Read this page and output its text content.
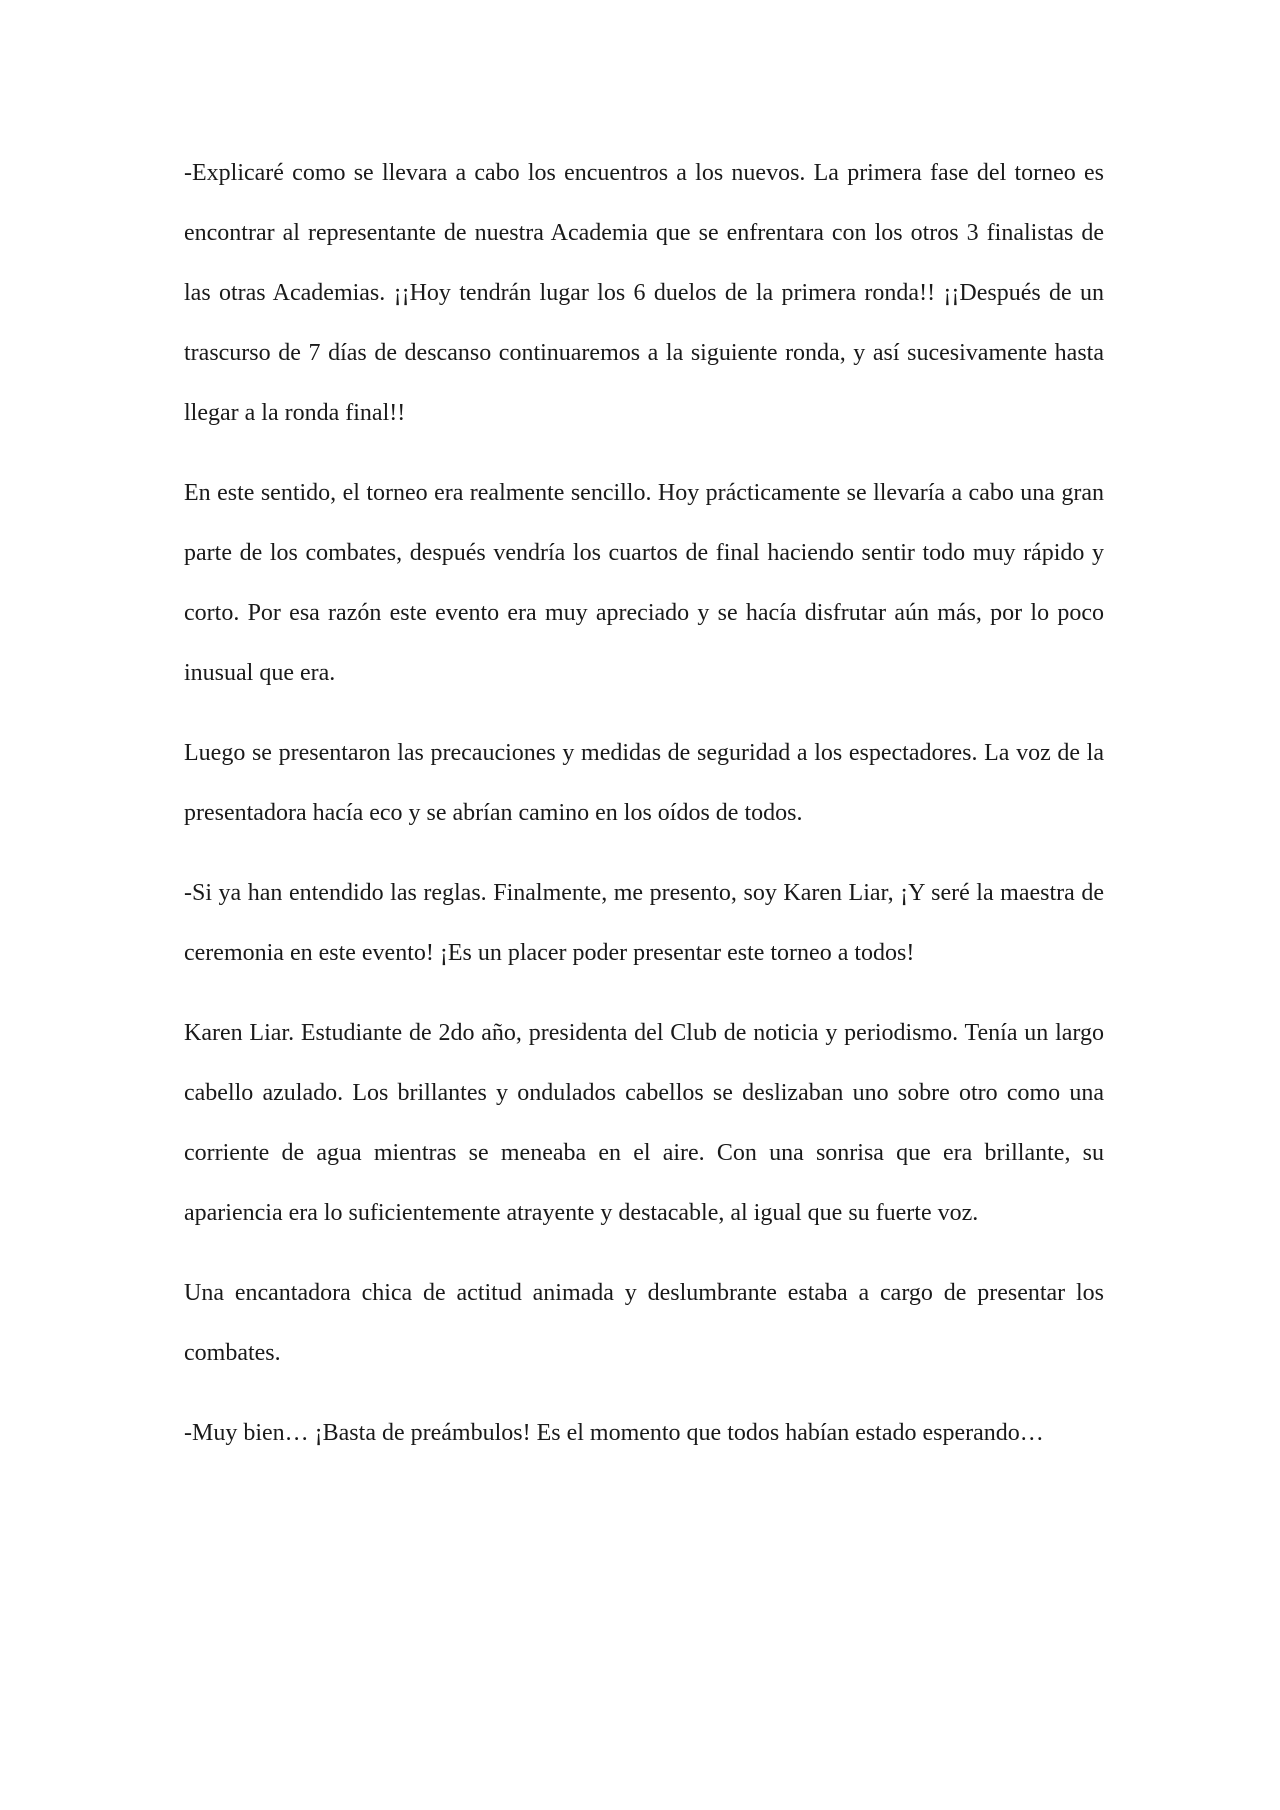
-Explicaré como se llevara a cabo los encuentros a los nuevos. La primera fase del torneo es encontrar al representante de nuestra Academia que se enfrentara con los otros 3 finalistas de las otras Academias. ¡¡Hoy tendrán lugar los 6 duelos de la primera ronda!! ¡¡Después de un trascurso de 7 días de descanso continuaremos a la siguiente ronda, y así sucesivamente hasta llegar a la ronda final!!

En este sentido, el torneo era realmente sencillo. Hoy prácticamente se llevaría a cabo una gran parte de los combates, después vendría los cuartos de final haciendo sentir todo muy rápido y corto. Por esa razón este evento era muy apreciado y se hacía disfrutar aún más, por lo poco inusual que era.

Luego se presentaron las precauciones y medidas de seguridad a los espectadores. La voz de la presentadora hacía eco y se abrían camino en los oídos de todos.

-Si ya han entendido las reglas. Finalmente, me presento, soy Karen Liar, ¡Y seré la maestra de ceremonia en este evento! ¡Es un placer poder presentar este torneo a todos!

Karen Liar. Estudiante de 2do año, presidenta del Club de noticia y periodismo. Tenía un largo cabello azulado. Los brillantes y ondulados cabellos se deslizaban uno sobre otro como una corriente de agua mientras se meneaba en el aire. Con una sonrisa que era brillante, su apariencia era lo suficientemente atrayente y destacable, al igual que su fuerte voz.

Una encantadora chica de actitud animada y deslumbrante estaba a cargo de presentar los combates.

-Muy bien… ¡Basta de preámbulos! Es el momento que todos habían estado esperando…
